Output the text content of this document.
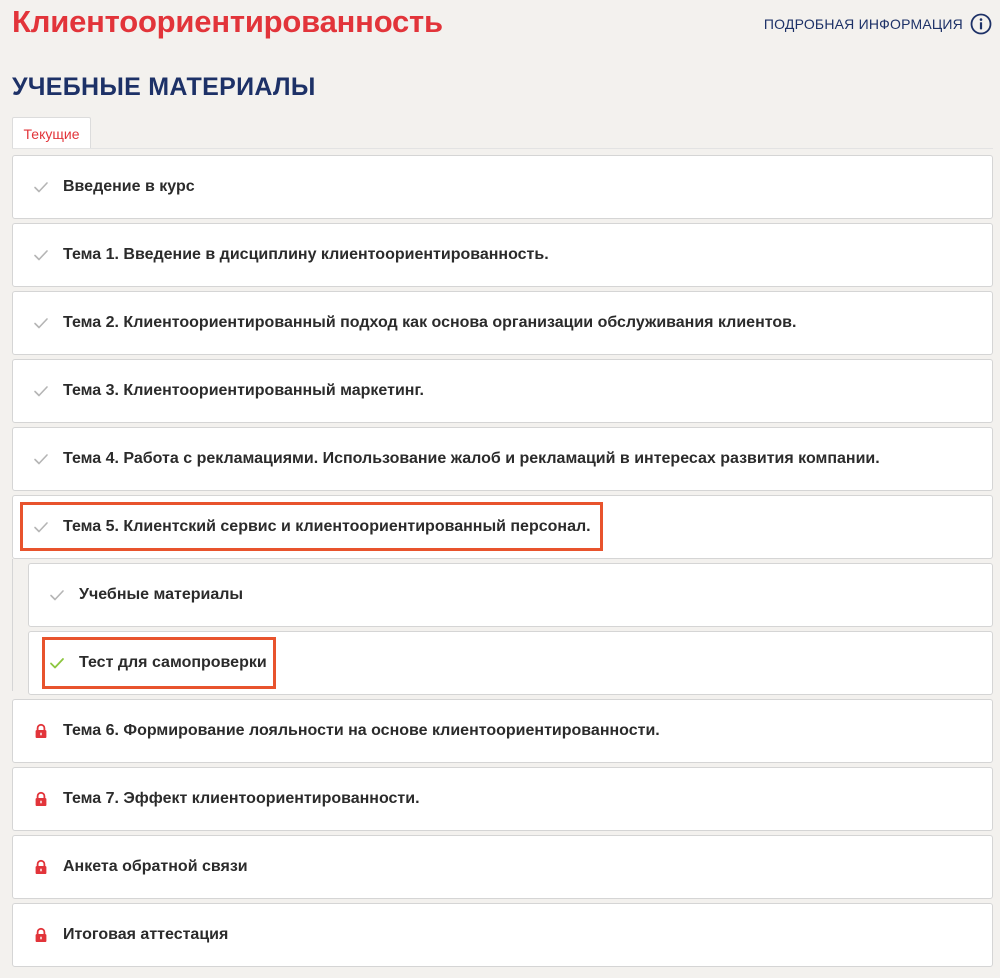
Клиентоориентированность	ПОДРОБНАЯ ИНФОРМАЦИЯ
УЧЕБНЫЕ МАТЕРИАЛЫ
Текущие
Введение в курс
Тема 1. Введение в дисциплину клиентоориентированность.
Тема 2. Клиентоориентированный подход как основа организации обслуживания клиентов.
Тема 3. Клиентоориентированный маркетинг.
Тема 4. Работа с рекламациями. Использование жалоб и рекламаций в интересах развития компании.
Тема 5. Клиентский сервис и клиентоориентированный персонал.
Учебные материалы
Тест для самопроверки
Тема 6. Формирование лояльности на основе клиентоориентированности.
Тема 7. Эффект клиентоориентированности.
Анкета обратной связи
Итоговая аттестация
